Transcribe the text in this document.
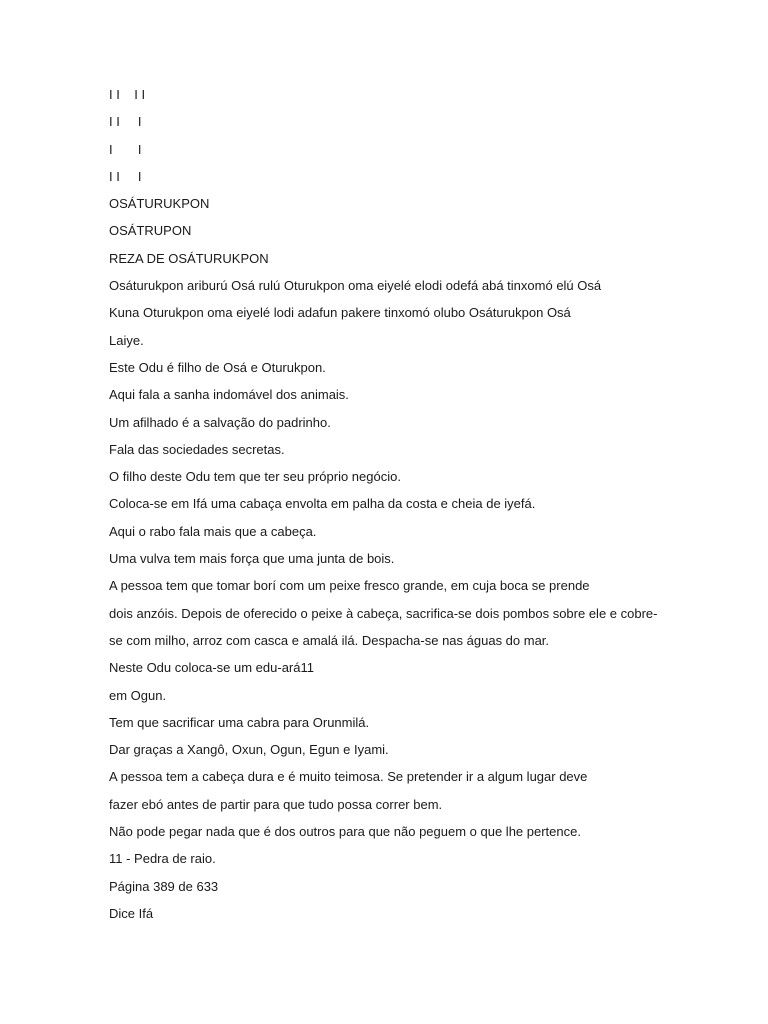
I I    I I
I I     I
I       I
I I     I
OSÁTURUKPON
OSÁTRUPON
REZA DE OSÁTURUKPON
Osáturukpon ariburú Osá rulú Oturukpon oma eiyelé elodi odefá abá tinxomó elú Osá
Kuna Oturukpon oma eiyelé lodi adafun pakere tinxomó olubo Osáturukpon Osá
Laiye.
Este Odu é filho de Osá e Oturukpon.
Aqui fala a sanha indomável dos animais.
Um afilhado é a salvação do padrinho.
Fala das sociedades secretas.
O filho deste Odu tem que ter seu próprio negócio.
Coloca-se em Ifá uma cabaça envolta em palha da costa e cheia de iyefá.
Aqui o rabo fala mais que a cabeça.
Uma vulva tem mais força que uma junta de bois.
A pessoa tem que tomar borí com um peixe fresco grande, em cuja boca se prende
dois anzóis. Depois de oferecido o peixe à cabeça, sacrifica-se dois pombos sobre ele e cobre-
se com milho, arroz com casca e amalá ilá. Despacha-se nas águas do mar.
Neste Odu coloca-se um edu-ará11
em Ogun.
Tem que sacrificar uma cabra para Orunmilá.
Dar graças a Xangô, Oxun, Ogun, Egun e Iyami.
A pessoa tem a cabeça dura e é muito teimosa. Se pretender ir a algum lugar deve
fazer ebó antes de partir para que tudo possa correr bem.
Não pode pegar nada que é dos outros para que não peguem o que lhe pertence.
11 - Pedra de raio.
Página 389 de 633
Dice Ifá
